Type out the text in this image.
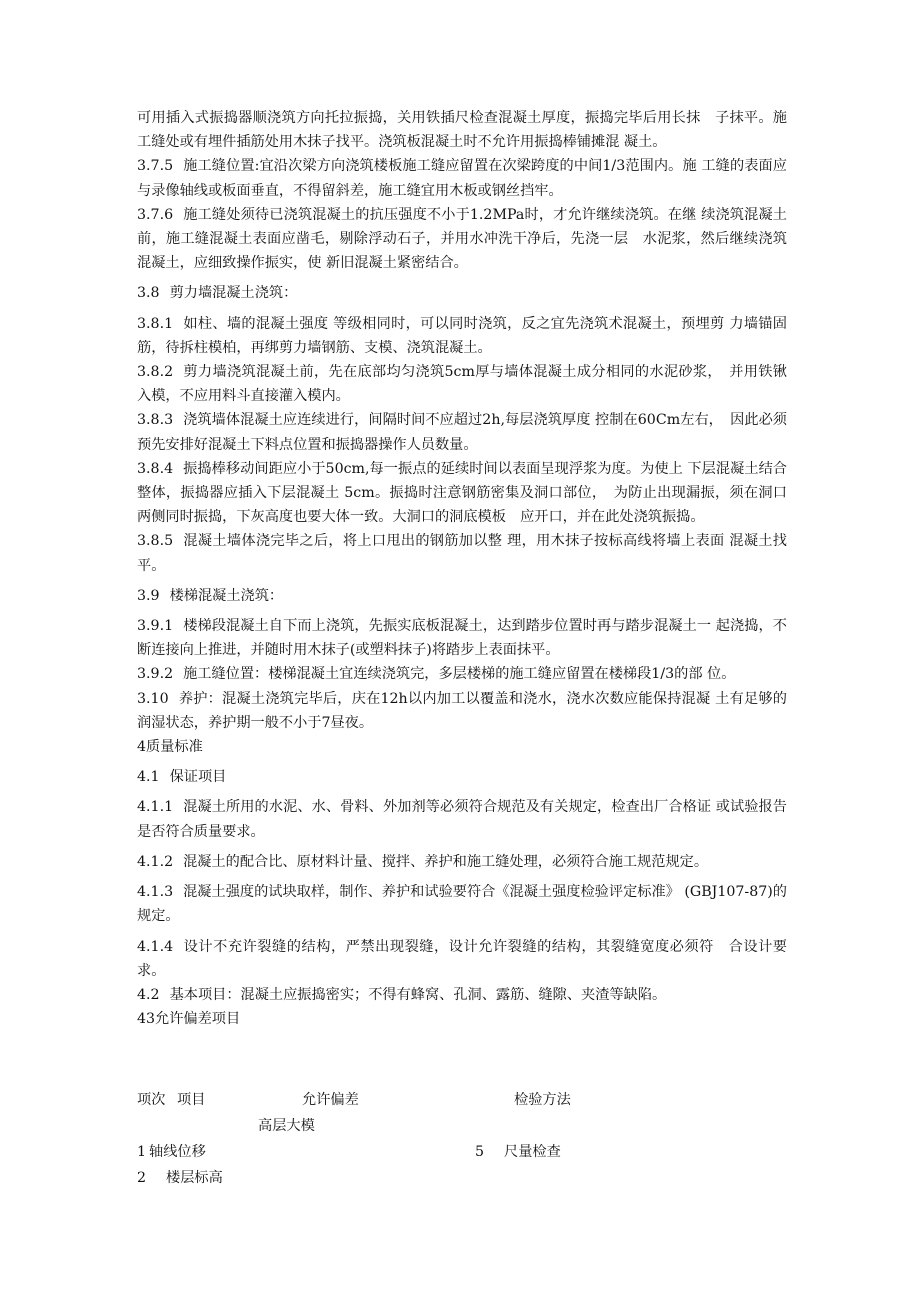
可用插入式振捣器顺浇筑方向托拉振捣，关用铁插尺检查混凝土厚度，振捣完毕后用长抹　子抹平。施工缝处或有埋件插筋处用木抹子找平。浇筑板混凝土时不允许用振捣棒铺摊混 凝土。

3.7.5 施工缝位置:宜沿次梁方向浇筑楼板施工缝应留置在次梁跨度的中间1/3范围内。施 工缝的表面应与录像轴线或板面垂直，不得留斜差，施工缝宜用木板或钢丝挡牢。

3.7.6 施工缝处须待已浇筑混凝土的抗压强度不小于1.2MPa时，才允许继续浇筑。在继 续浇筑混凝土前，施工缝混凝土表面应凿毛，剔除浮动石子，并用水冲洗干净后，先浇一层　水泥浆，然后继续浇筑混凝土，应细致操作振实，使 新旧混凝土紧密结合。

3.8 剪力墙混凝土浇筑：

3.8.1 如柱、墙的混凝土强度 等级相同时，可以同时浇筑，反之宜先浇筑术混凝土，预埋剪 力墙锚固筋，待拆柱模柏，再绑剪力墙钢筋、支模、浇筑混凝土。

3.8.2 剪力墙浇筑混凝土前，先在底部均匀浇筑5cm厚与墙体混凝土成分相同的水泥砂浆，　并用铁锹入模，不应用料斗直接灌入模内。

3.8.3 浇筑墙体混凝土应连续进行，间隔时间不应超过2h,每层浇筑厚度 控制在60Cm左右，　因此必须预先安排好混凝土下料点位置和振捣器操作人员数量。

3.8.4 振捣棒移动间距应小于50cm,每一振点的延续时间以表面呈现浮浆为度。为使上 下层混凝土结合整体，振捣器应插入下层混凝土 5cm。振捣时注意钢筋密集及洞口部位，　为防止出现漏振，须在洞口两侧同时振捣，下灰高度也要大体一致。大洞口的洞底模板　应开口，并在此处浇筑振捣。

3.8.5 混凝土墙体浇完毕之后，将上口甩出的钢筋加以整 理，用木抹子按标高线将墙上表面 混凝土找平。

3.9 楼梯混凝土浇筑：

3.9.1 楼梯段混凝土自下而上浇筑，先振实底板混凝土，达到踏步位置时再与踏步混凝土一 起浇捣，不断连接向上推进，并随时用木抹子(或塑料抹子)将踏步上表面抹平。

3.9.2 施工缝位置：楼梯混凝土宜连续浇筑完，多层楼梯的施工缝应留置在楼梯段1/3的部 位。

3.10 养护：混凝土浇筑完毕后，庆在12h以内加工以覆盖和浇水，浇水次数应能保持混凝 土有足够的润湿状态，养护期一般不小于7昼夜。

4质量标准

4.1 保证项目

4.1.1 混凝土所用的水泥、水、骨料、外加剂等必须符合规范及有关规定，检查出厂合格证 或试验报告是否符合质量要求。

4.1.2 混凝土的配合比、原材料计量、搅拌、养护和施工缝处理，必须符合施工规范规定。

4.1.3 混凝土强度的试块取样，制作、养护和试验要符合《混凝土强度检验评定标准》 (GBJ107-87)的规定。

4.1.4 设计不充许裂缝的结构，严禁出现裂缝，设计允许裂缝的结构，其裂缝宽度必须符　合设计要求。

4.2 基本项目：混凝土应振捣密实；不得有蜂窝、孔洞、露筋、缝隙、夹渣等缺陷。

43允许偏差项目

项次 项目	允许偏差	检验方法
高层大模
1 轴线位移	5 尺量检查
2 楼层标高
